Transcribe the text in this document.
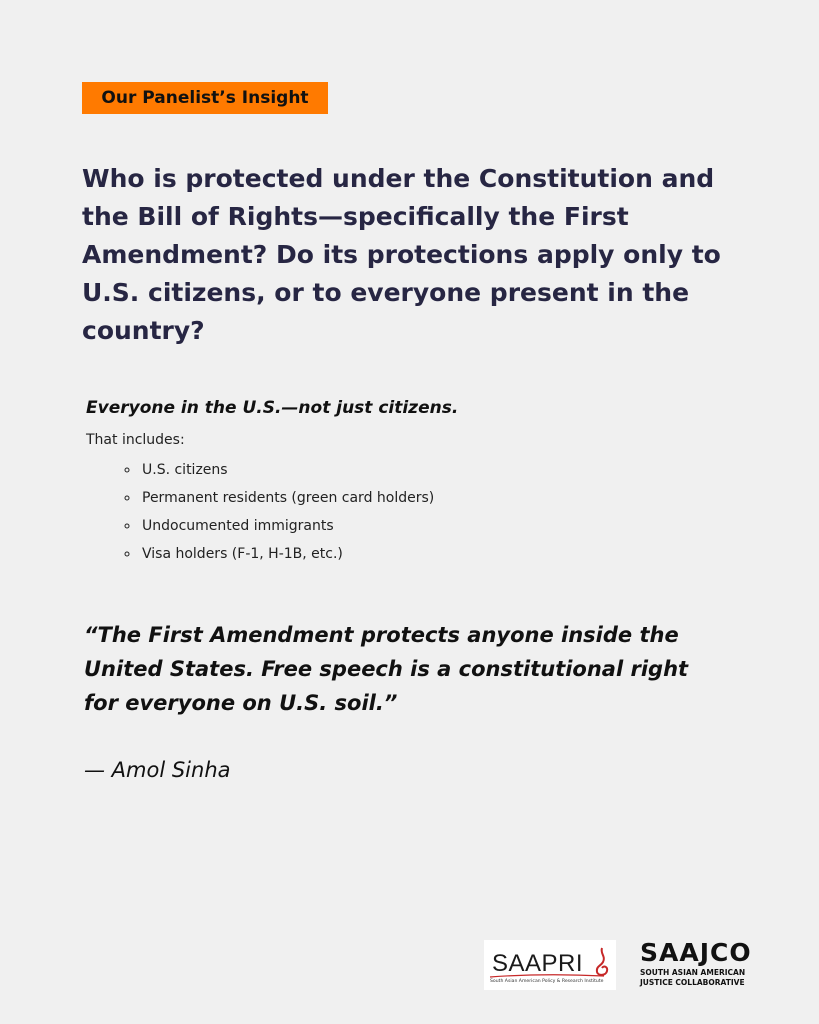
Our Panelist’s Insight
Who is protected under the Constitution and the Bill of Rights—specifically the First Amendment? Do its protections apply only to U.S. citizens, or to everyone present in the country?
Everyone in the U.S.—not just citizens.
That includes:
◦ U.S. citizens
◦ Permanent residents (green card holders)
◦ Undocumented immigrants
◦ Visa holders (F-1, H-1B, etc.)

“The First Amendment protects anyone inside the United States. Free speech is a constitutional right for everyone on U.S. soil.”

— Amol Sinha
SAAPRI
South Asian American Policy & Research Institute
SAAJCO
SOUTH ASIAN AMERICAN
JUSTICE COLLABORATIVE
